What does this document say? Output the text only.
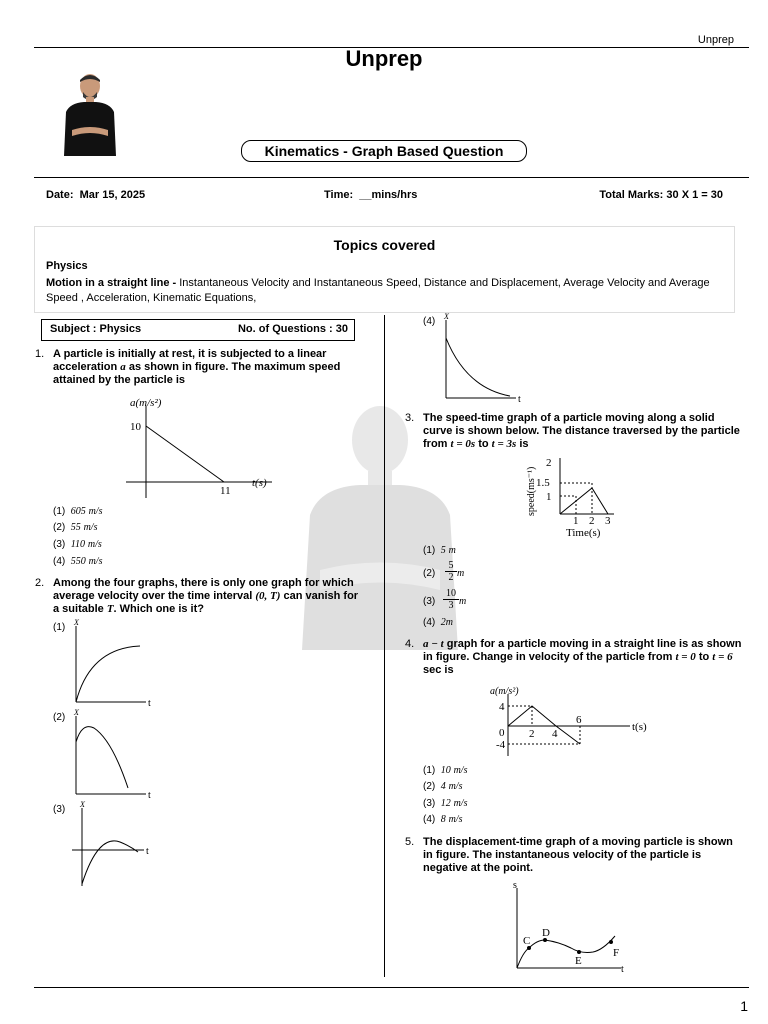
Unprep
Unprep
Kinematics - Graph Based Question
Date: Mar 15, 2025	Time: __mins/hrs	Total Marks: 30 X 1 = 30
Topics covered
Physics
Motion in a straight line - Instantaneous Velocity and Instantaneous Speed, Distance and Displacement, Average Velocity and Average Speed , Acceleration, Kinematic Equations,
Subject : Physics	No. of Questions : 30
1. A particle is initially at rest, it is subjected to a linear acceleration a as shown in figure. The maximum speed attained by the particle is
a(m/s²)
10
11
t(s)
(1) 605 m/s
(2) 55 m/s
(3) 110 m/s
(4) 550 m/s
2. Among the four graphs, there is only one graph for which average velocity over the time interval (0, T) can vanish for a suitable T. Which one is it?
(1) X
t
(2) X
t
(3) X
t
(4) X
t
3. The speed-time graph of a particle moving along a solid curve is shown below. The distance traversed by the particle from t = 0s to t = 3s is
2
1.5
1
1 2 3
Time(s)
speed(ms⁻¹)
(1) 5 m
(2)
5
2 m
(3)
10
3 m
(4) 2m
4. a − t graph for a particle moving in a straight line is as shown in figure. Change in velocity of the particle from t = 0 to t = 6 sec is
a(m/s²)
4
0 2 4
6
-4
t(s)
(1) 10 m/s
(2) 4 m/s
(3) 12 m/s
(4) 8 m/s
5. The displacement-time graph of a moving particle is shown in figure. The instantaneous velocity of the particle is negative at the point.
s
t
C
D
E
F
1
